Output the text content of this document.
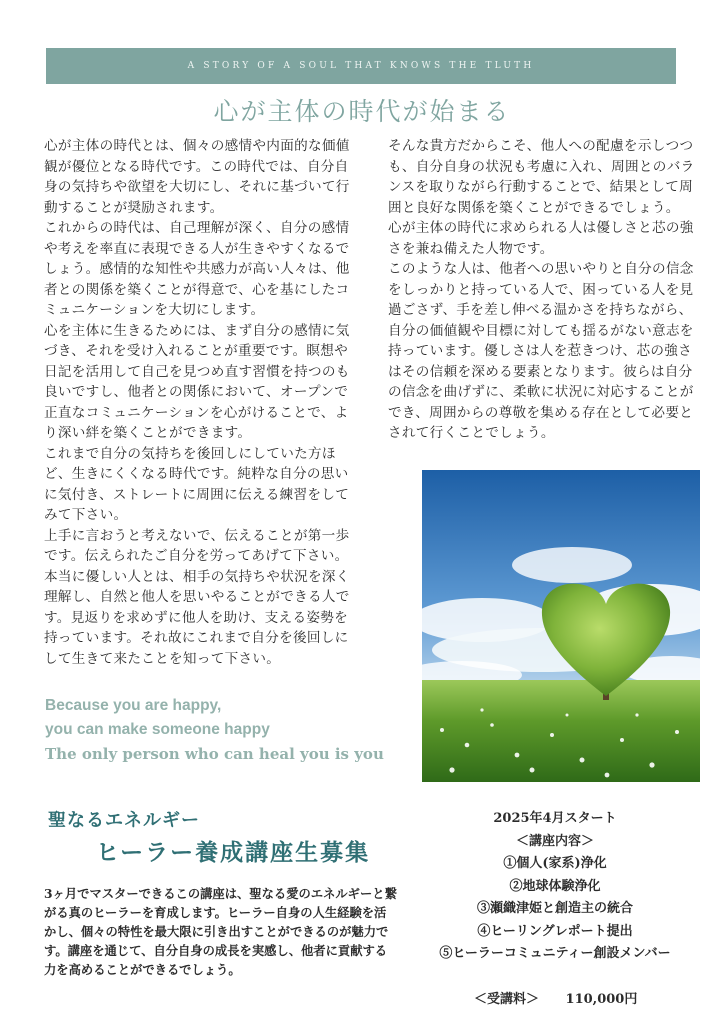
A STORY OF A SOUL THAT KNOWS THE TLUTH
心が主体の時代が始まる

心が主体の時代とは、個々の感情や内面的な価値観が優位となる時代です。この時代では、自分自身の気持ちや欲望を大切にし、それに基づいて行動することが奨励されます。

これからの時代は、自己理解が深く、自分の感情や考えを率直に表現できる人が生きやすくなるでしょう。感情的な知性や共感力が高い人々は、他者との関係を築くことが得意で、心を基にしたコミュニケーションを大切にします。

心を主体に生きるためには、まず自分の感情に気づき、それを受け入れることが重要です。瞑想や日記を活用して自己を見つめ直す習慣を持つのも良いですし、他者との関係において、オープンで正直なコミュニケーションを心がけることで、より深い絆を築くことができます。

これまで自分の気持ちを後回しにしていた方ほど、生きにくくなる時代です。純粋な自分の思いに気付き、ストレートに周囲に伝える練習をしてみて下さい。

上手に言おうと考えないで、伝えることが第一歩です。伝えられたご自分を労ってあげて下さい。本当に優しい人とは、相手の気持ちや状況を深く理解し、自然と他人を思いやることができる人です。見返りを求めずに他人を助け、支える姿勢を持っています。それ故にこれまで自分を後回しにして生きて来たことを知って下さい。

そんな貴方だからこそ、他人への配慮を示しつつも、自分自身の状況も考慮に入れ、周囲とのバランスを取りながら行動することで、結果として周囲と良好な関係を築くことができるでしょう。

心が主体の時代に求められる人は優しさと芯の強さを兼ね備えた人物です。

このような人は、他者への思いやりと自分の信念をしっかりと持っている人で、困っている人を見過ごさず、手を差し伸べる温かさを持ちながら、自分の価値観や目標に対しても揺るがない意志を持っています。優しさは人を惹きつけ、芯の強さはその信頼を深める要素となります。彼らは自分の信念を曲げずに、柔軟に状況に対応することができ、周囲からの尊敬を集める存在として必要とされて行くことでしょう。

Because you are happy,
you can make someone happy
The only person who can heal you is you
聖なるエネルギー
ヒーラー養成講座生募集
3ヶ月でマスターできるこの講座は、聖なる愛のエネルギーと繋がる真のヒーラーを育成します。ヒーラー自身の人生経験を活かし、個々の特性を最大限に引き出すことができるのが魅力です。講座を通じて、自分自身の成長を実感し、他者に貢献する力を高めることができるでしょう。
2025年4月スタート
＜講座内容＞
①個人(家系)浄化
②地球体験浄化
③瀬織津姫と創造主の統合
④ヒーリングレポート提出
⑤ヒーラーコミュニティー創設メンバー
＜受講料＞ 110,000円
